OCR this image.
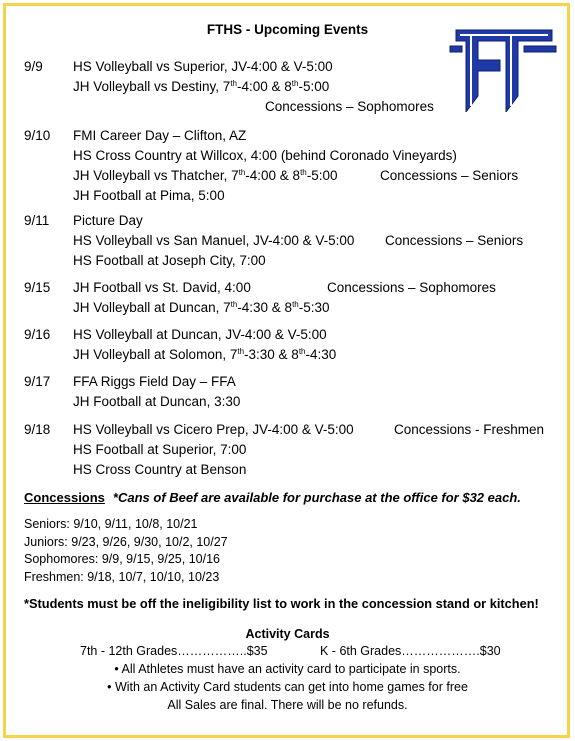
FTHS - Upcoming Events
9/9	HS Volleyball vs Superior, JV-4:00 & V-5:00
JH Volleyball vs Destiny, 7th-4:00 & 8th-5:00
Concessions – Sophomores
9/10	FMI Career Day – Clifton, AZ
HS Cross Country at Willcox, 4:00 (behind Coronado Vineyards)
JH Volleyball vs Thatcher, 7th-4:00 & 8th-5:00	Concessions – Seniors
JH Football at Pima, 5:00
9/11	Picture Day
HS Volleyball vs San Manuel, JV-4:00 & V-5:00 Concessions – Seniors
HS Football at Joseph City, 7:00
9/15	JH Football vs St. David, 4:00	Concessions – Sophomores
JH Volleyball at Duncan, 7th-4:30 & 8th-5:30
9/16	HS Volleyball at Duncan, JV-4:00 & V-5:00
JH Volleyball at Solomon, 7th-3:30 & 8th-4:30
9/17	FFA Riggs Field Day – FFA
JH Football at Duncan, 3:30
9/18	HS Volleyball vs Cicero Prep, JV-4:00 & V-5:00	Concessions - Freshmen
HS Football at Superior, 7:00
HS Cross Country at Benson
Concessions *Cans of Beef are available for purchase at the office for $32 each.
Seniors: 9/10, 9/11, 10/8, 10/21
Juniors: 9/23, 9/26, 9/30, 10/2, 10/27
Sophomores: 9/9, 9/15, 9/25, 10/16
Freshmen: 9/18, 10/7, 10/10, 10/23
*Students must be off the ineligibility list to work in the concession stand or kitchen!
Activity Cards
7th - 12th Grades……………..$35	K - 6th Grades……………….$30
• All Athletes must have an activity card to participate in sports.
• With an Activity Card students can get into home games for free
All Sales are final. There will be no refunds.
